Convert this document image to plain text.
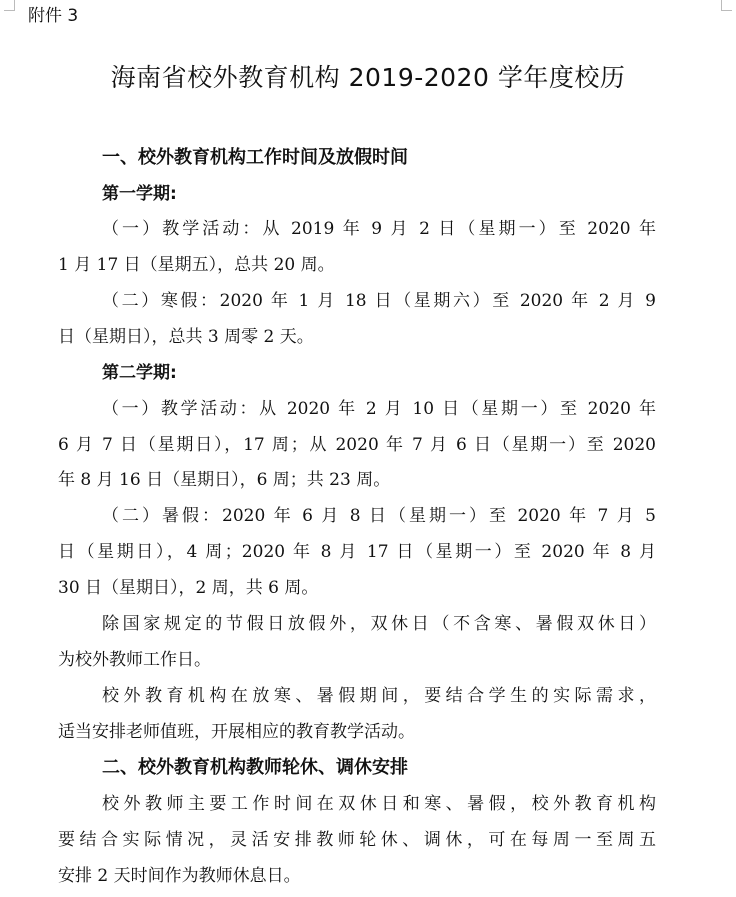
附件 3
海南省校外教育机构 2019-2020 学年度校历
一、校外教育机构工作时间及放假时间
第一学期:
（一）教学活动：从 2019 年 9 月 2 日（星期一）至 2020 年
1 月 17 日（星期五），总共 20 周。
（二）寒假：2020 年 1 月 18 日（星期六）至 2020 年 2 月 9
日（星期日），总共 3 周零 2 天。
第二学期:
（一）教学活动：从 2020 年 2 月 10 日（星期一）至 2020 年
6 月 7 日（星期日），17 周；从 2020 年 7 月 6 日（星期一）至 2020
年 8 月 16 日（星期日），6 周；共 23 周。
（二）暑假：2020 年 6 月 8 日（星期一）至 2020 年 7 月 5
日（星期日），4 周；2020 年 8 月 17 日（星期一）至 2020 年 8 月
30 日（星期日），2 周，共 6 周。
除国家规定的节假日放假外，双休日（不含寒、暑假双休日）
为校外教师工作日。
校外教育机构在放寒、暑假期间，要结合学生的实际需求，
适当安排老师值班，开展相应的教育教学活动。
二、校外教育机构教师轮休、调休安排
校外教师主要工作时间在双休日和寒、暑假，校外教育机构
要结合实际情况，灵活安排教师轮休、调休，可在每周一至周五
安排 2 天时间作为教师休息日。
